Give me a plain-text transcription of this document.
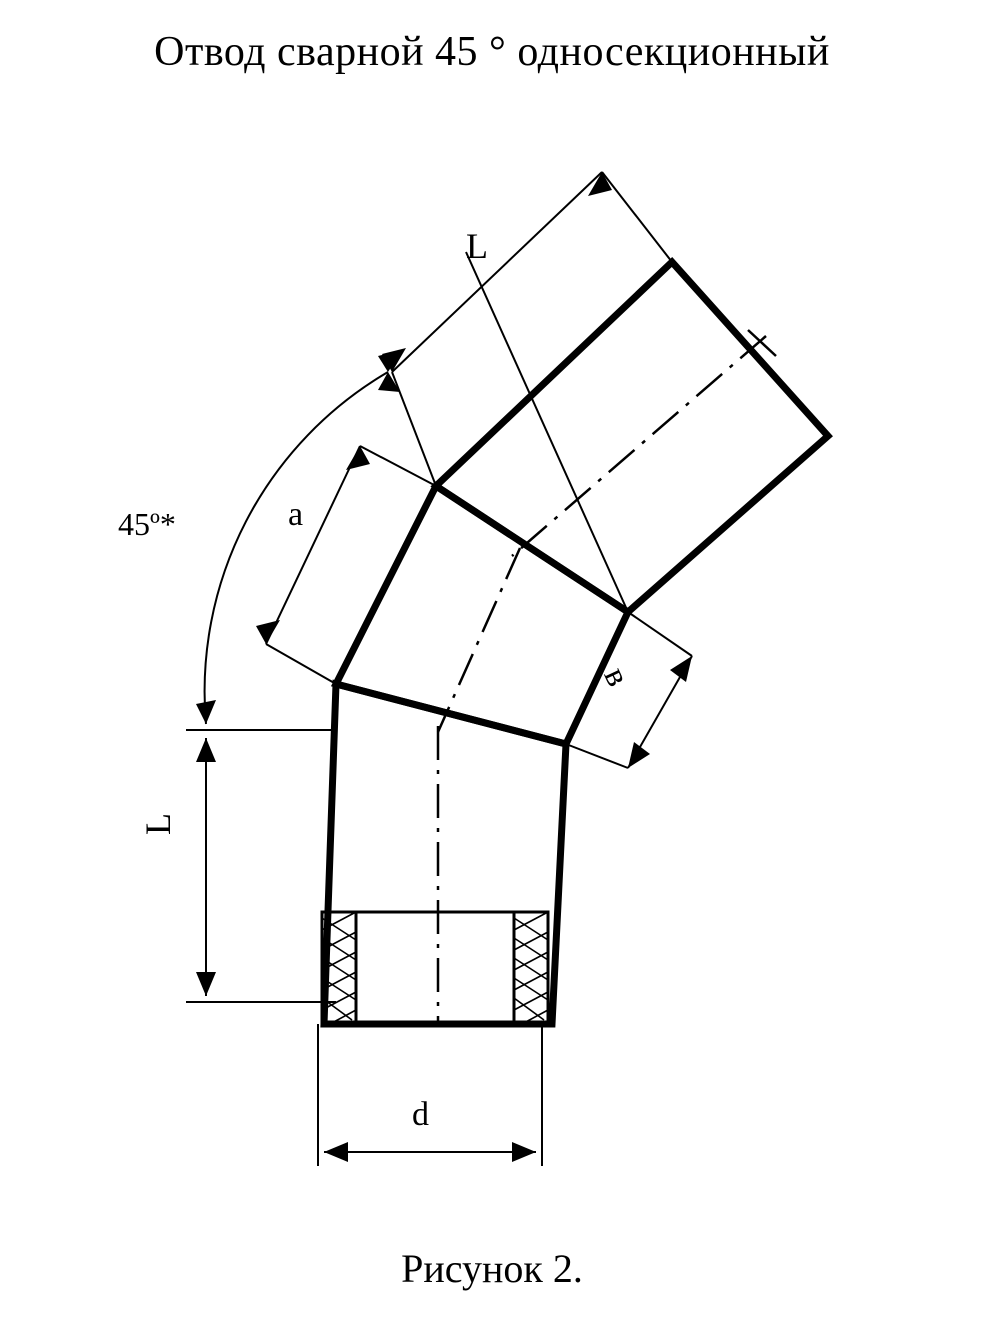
Отвод сварной 45 ° односекционный
L
a
45º*
в
L
d
Рисунок 2.
